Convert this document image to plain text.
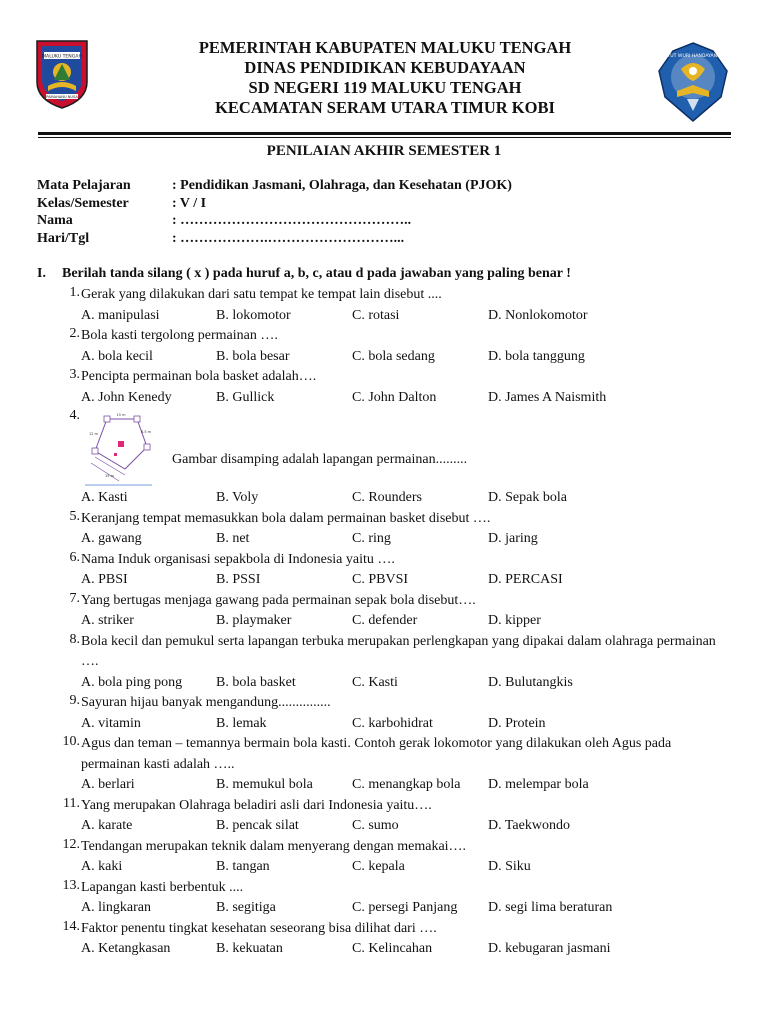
MALUKU TENGAH
PAMAHANU NUSA
PEMERINTAH KABUPATEN MALUKU TENGAH
DINAS PENDIDIKAN KEBUDAYAAN
SD NEGERI 119 MALUKU TENGAH
KECAMATAN SERAM UTARA TIMUR KOBI
TUT WURI HANDAYANI
PENILAIAN AKHIR SEMESTER 1
Mata Pelajaran	: Pendidikan Jasmani, Olahraga, dan Kesehatan (PJOK)
Kelas/Semester	: V / I
Nama	: …………………………………………..
Hari/Tgl	: ……………….………………………...
I. Berilah tanda silang ( x ) pada huruf a, b, c, atau d pada jawaban yang paling benar !
1. Gerak yang dilakukan dari satu tempat ke tempat lain disebut ....
A. manipulasi	B. lokomotor	C. rotasi	D. Nonlokomotor
2. Bola kasti tergolong permainan ….
A. bola kecil	B. bola besar	C. bola sedang	D. bola tanggung
3. Pencipta permainan bola basket adalah….
A. John Kenedy	B. Gullick	C. John Dalton	D. James A Naismith
4.	15 m
12 m	8.5 m
15 m
Gambar disamping adalah lapangan permainan.........
A. Kasti	B. Voly	C. Rounders	D. Sepak bola
5. Keranjang tempat memasukkan bola dalam permainan basket disebut ….
A. gawang	B. net	C. ring	D. jaring
6. Nama Induk organisasi sepakbola di Indonesia yaitu ….
A. PBSI	B. PSSI	C. PBVSI	D. PERCASI
7. Yang bertugas menjaga gawang pada permainan sepak bola disebut….
A. striker	B. playmaker	C. defender	D. kipper
8. Bola kecil dan pemukul serta lapangan terbuka merupakan perlengkapan yang dipakai dalam olahraga permainan ….
A. bola ping pong	B. bola basket	C. Kasti	D. Bulutangkis
9. Sayuran hijau banyak mengandung...............
A. vitamin	B. lemak	C. karbohidrat	D. Protein
10. Agus dan teman – temannya bermain bola kasti. Contoh gerak lokomotor yang dilakukan oleh Agus pada permainan kasti adalah …..
A. berlari	B. memukul bola	C. menangkap bola	D. melempar bola
11. Yang merupakan Olahraga beladiri asli dari Indonesia yaitu….
A. karate	B. pencak silat	C. sumo	D. Taekwondo
12. Tendangan merupakan teknik dalam menyerang dengan memakai….
A. kaki	B. tangan	C. kepala	D. Siku
13. Lapangan kasti berbentuk ....
A. lingkaran	B. segitiga	C. persegi Panjang	D. segi lima beraturan
14. Faktor penentu tingkat kesehatan seseorang bisa dilihat dari ….
A. Ketangkasan	B. kekuatan	C. Kelincahan	D. kebugaran jasmani
